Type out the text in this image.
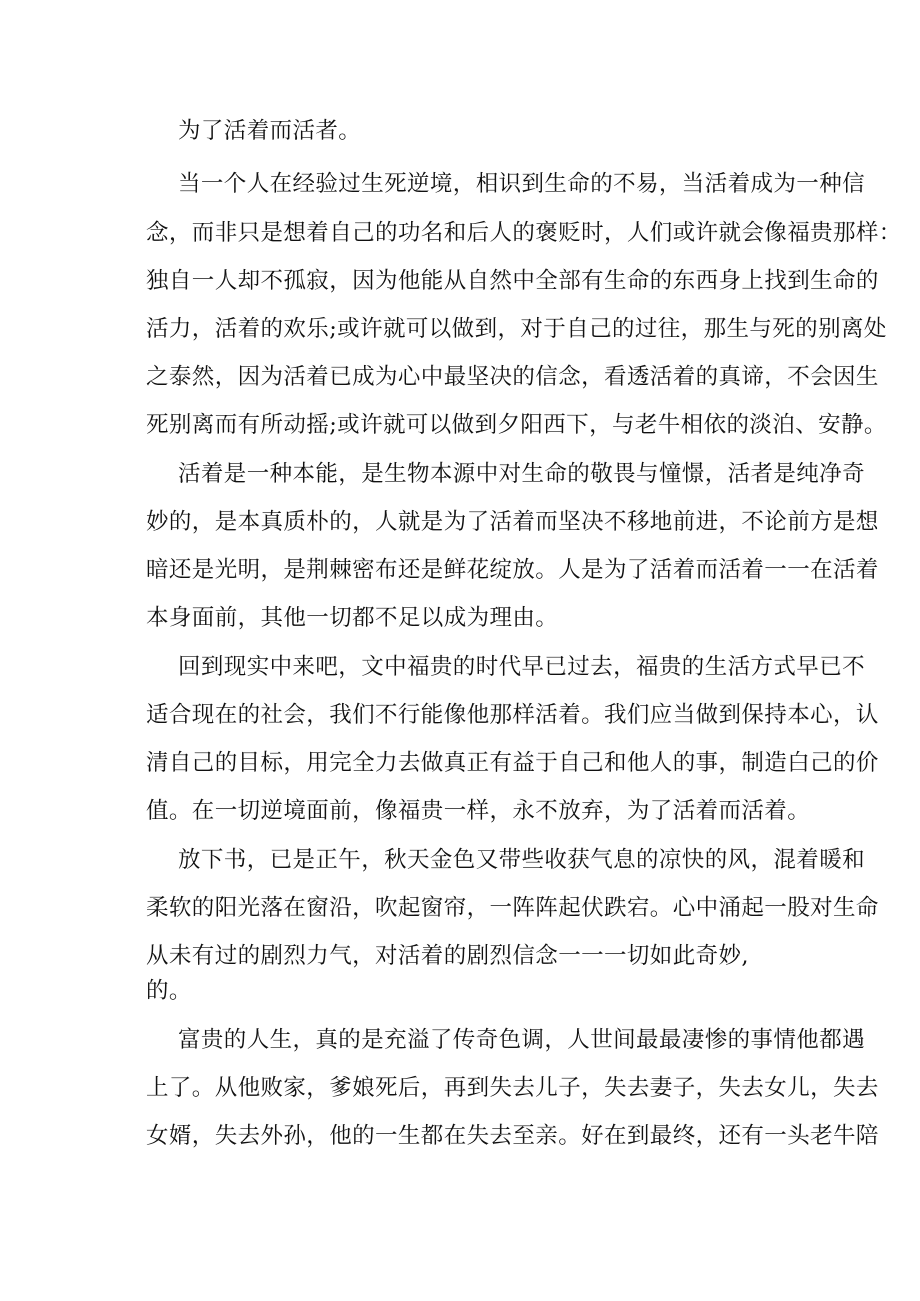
为了活着而活者。
当一个人在经验过生死逆境，相识到生命的不易，当活着成为一种信
念，而非只是想着自己的功名和后人的褒贬时，人们或许就会像福贵那样：
独自一人却不孤寂，因为他能从自然中全部有生命的东西身上找到生命的
活力，活着的欢乐;或许就可以做到，对于自己的过往，那生与死的别离处
之泰然，因为活着已成为心中最坚决的信念，看透活着的真谛，不会因生
死别离而有所动摇;或许就可以做到夕阳西下，与老牛相依的淡泊、安静。
活着是一种本能，是生物本源中对生命的敬畏与憧憬，活者是纯净奇
妙的，是本真质朴的，人就是为了活着而坚决不移地前进，不论前方是想
暗还是光明，是荆棘密布还是鲜花绽放。人是为了活着而活着一一在活着
本身面前，其他一切都不足以成为理由。
回到现实中来吧，文中福贵的时代早已过去，福贵的生活方式早已不
适合现在的社会，我们不行能像他那样活着。我们应当做到保持本心，认
清自己的目标，用完全力去做真正有益于自己和他人的事，制造白己的价
值。在一切逆境面前，像福贵一样，永不放弃，为了活着而活着。
放下书，已是正午，秋天金色又带些收获气息的凉快的风，混着暖和
柔软的阳光落在窗沿，吹起窗帘，一阵阵起伏跌宕。心中涌起一股对生命
从未有过的剧烈力气，对活着的剧烈信念一一一切如此奇妙,
的。
富贵的人生，真的是充溢了传奇色调，人世间最最凄惨的事情他都遇
上了。从他败家，爹娘死后，再到失去儿子，失去妻子，失去女儿，失去
女婿，失去外孙，他的一生都在失去至亲。好在到最终，还有一头老牛陪
